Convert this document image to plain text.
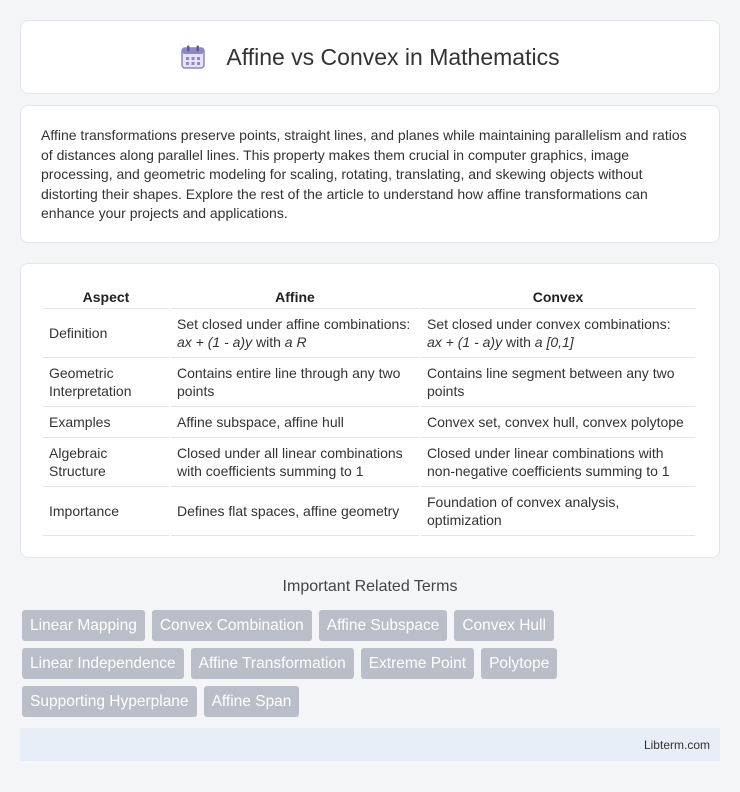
Affine vs Convex in Mathematics

Affine transformations preserve points, straight lines, and planes while maintaining parallelism and ratios of distances along parallel lines. This property makes them crucial in computer graphics, image processing, and geometric modeling for scaling, rotating, translating, and skewing objects without distorting their shapes. Explore the rest of the article to understand how affine transformations can enhance your projects and applications.

Aspect	Affine	Convex
Definition	Set closed under affine combinations: ax + (1 - a)y with a R	Set closed under convex combinations: ax + (1 - a)y with a [0,1]
Geometric Interpretation	Contains entire line through any two points	Contains line segment between any two points
Examples	Affine subspace, affine hull	Convex set, convex hull, convex polytope
Algebraic Structure	Closed under all linear combinations with coefficients summing to 1	Closed under linear combinations with non-negative coefficients summing to 1
Importance	Defines flat spaces, affine geometry	Foundation of convex analysis, optimization
Important Related Terms
Linear Mapping	Convex Combination	Affine Subspace	Convex Hull
Linear Independence	Affine Transformation	Extreme Point	Polytope
Supporting Hyperplane	Affine Span
Libterm.com
